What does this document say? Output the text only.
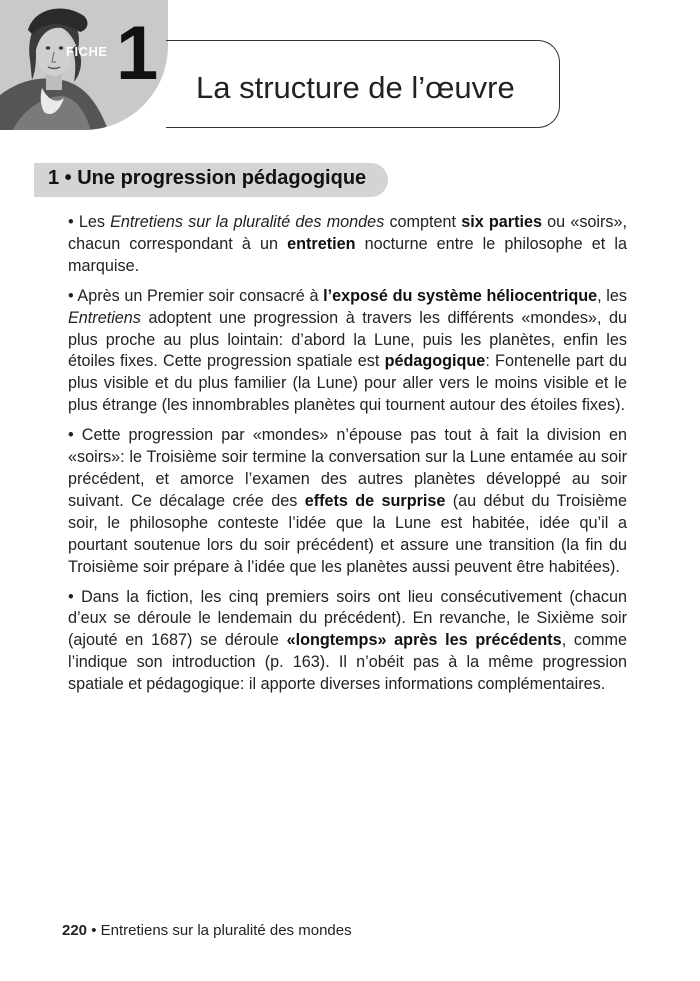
FICHE 1 La structure de l’œuvre
1 • Une progression pédagogique

• Les Entretiens sur la pluralité des mondes comptent six parties ou «soirs», chacun correspondant à un entretien nocturne entre le philosophe et la marquise.

• Après un Premier soir consacré à l’exposé du système héliocentrique, les Entretiens adoptent une progression à travers les différents «mondes», du plus proche au plus lointain: d’abord la Lune, puis les planètes, enfin les étoiles fixes. Cette progression spatiale est pédagogique: Fontenelle part du plus visible et du plus familier (la Lune) pour aller vers le moins visible et le plus étrange (les innombrables planètes qui tournent autour des étoiles fixes).

• Cette progression par «mondes» n’épouse pas tout à fait la division en «soirs»: le Troisième soir termine la conversation sur la Lune entamée au soir précédent, et amorce l’examen des autres planètes développé au soir suivant. Ce décalage crée des effets de surprise (au début du Troisième soir, le philosophe conteste l’idée que la Lune est habitée, idée qu’il a pourtant soutenue lors du soir précédent) et assure une transition (la fin du Troisième soir prépare à l’idée que les planètes aussi peuvent être habitées).

• Dans la fiction, les cinq premiers soirs ont lieu consécutivement (chacun d’eux se déroule le lendemain du précédent). En revanche, le Sixième soir (ajouté en 1687) se déroule «longtemps» après les précédents, comme l’indique son introduction (p. 163). Il n’obéit pas à la même progression spatiale et pédagogique: il apporte diverses informations complémentaires.

220 • Entretiens sur la pluralité des mondes
